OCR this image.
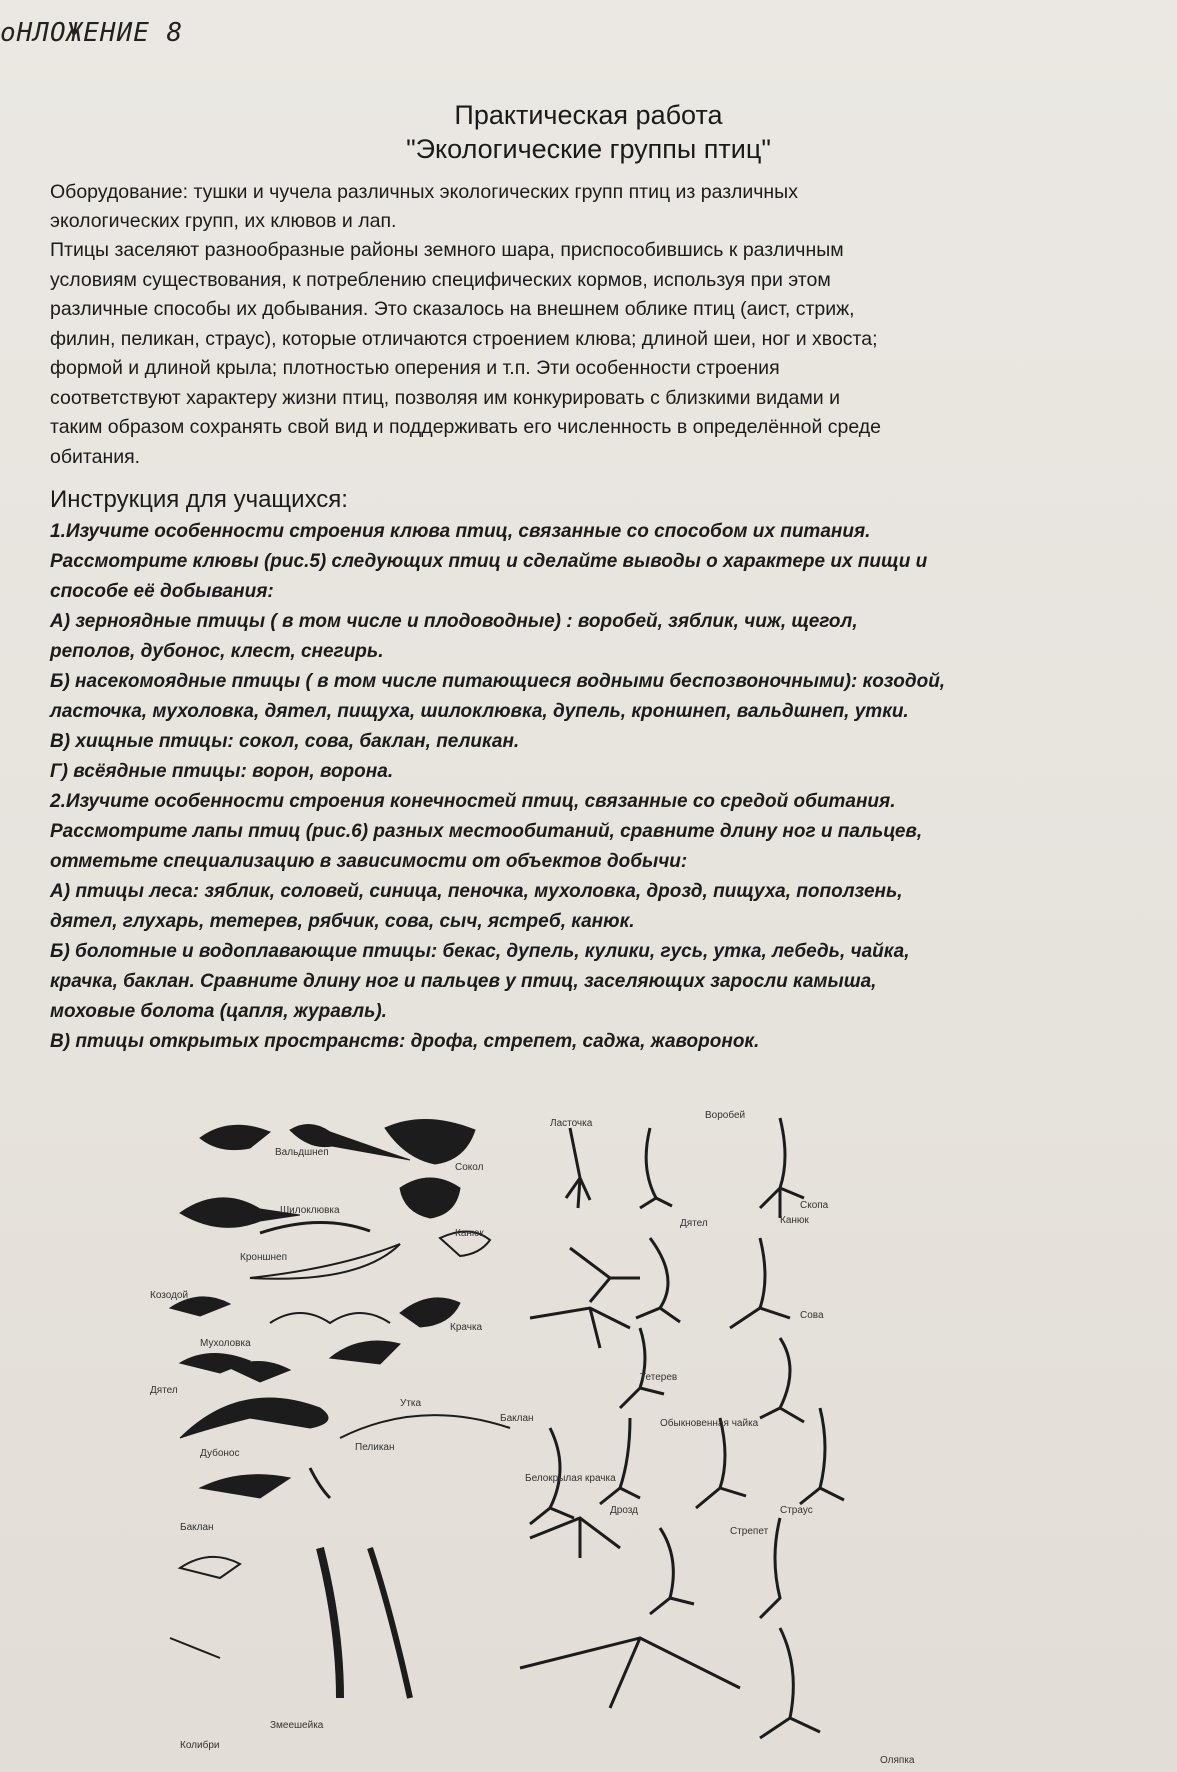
оНЛОЖЕНИЕ 8
Практическая работа
"Экологические группы птиц"
Оборудование: тушки и чучела различных экологических групп птиц из различных
экологических групп, их клювов и лап.
Птицы заселяют разнообразные районы земного шара, приспособившись к различным
условиям существования, к потреблению специфических кормов, используя при этом
различные способы их добывания. Это сказалось на внешнем облике птиц (аист, стриж,
филин, пеликан, страус), которые отличаются строением клюва; длиной шеи, ног и хвоста;
формой и длиной крыла; плотностью оперения и т.п. Эти особенности строения
соответствуют характеру жизни птиц, позволяя им конкурировать с близкими видами и
таким образом сохранять свой вид и поддерживать его численность в определённой среде
обитания.
Инструкция для учащихся:

1.Изучите особенности строения клюва птиц, связанные со способом их питания.

Рассмотрите клювы (рис.5) следующих птиц и сделайте выводы о характере их пищи и

способе её добывания:

А) зерноядные птицы ( в том числе и плодоводные) : воробей, зяблик, чиж, щегол,

реполов, дубонос, клест, снегирь.

Б) насекомоядные птицы ( в том числе питающиеся водными беспозвоночными): козодой,

ласточка, мухоловка, дятел, пищуха, шилоклювка, дупель, кроншнеп, вальдшнеп, утки.

В) хищные птицы: сокол, сова, баклан, пеликан.

Г) всёядные птицы: ворон, ворона.

2.Изучите особенности строения конечностей птиц, связанные со средой обитания.

Рассмотрите лапы птиц (рис.6) разных местообитаний, сравните длину ног и пальцев,

отметьте специализацию в зависимости от объектов добычи:

А) птицы леса: зяблик, соловей, синица, пеночка, мухоловка, дрозд, пищуха, поползень,

дятел, глухарь, тетерев, рябчик, сова, сыч, ястреб, канюк.

Б) болотные и водоплавающие птицы: бекас, дупель, кулики, гусь, утка, лебедь, чайка,

крачка, баклан. Сравните длину ног и пальцев у птиц, заселяющих заросли камыша,

моховые болота (цапля, журавль).

В) птицы открытых пространств: дрофа, стрепет, саджа, жаворонок.

Вальдшнеп
Шилоклювка
Кроншнеп
Козодой
Мухоловка
Дятел
Утка
Пеликан
Дубонос
Баклан
Змеешейка
Колибри
Сокол
Канюк
Крачка
Ласточка
Воробей
Скопа
Канюк
Дятел
Сова
Тетерев
Обыкновенная чайка
Белокрылая крачка
Баклан
Дрозд
Стрепет
Страус
Оляпка
